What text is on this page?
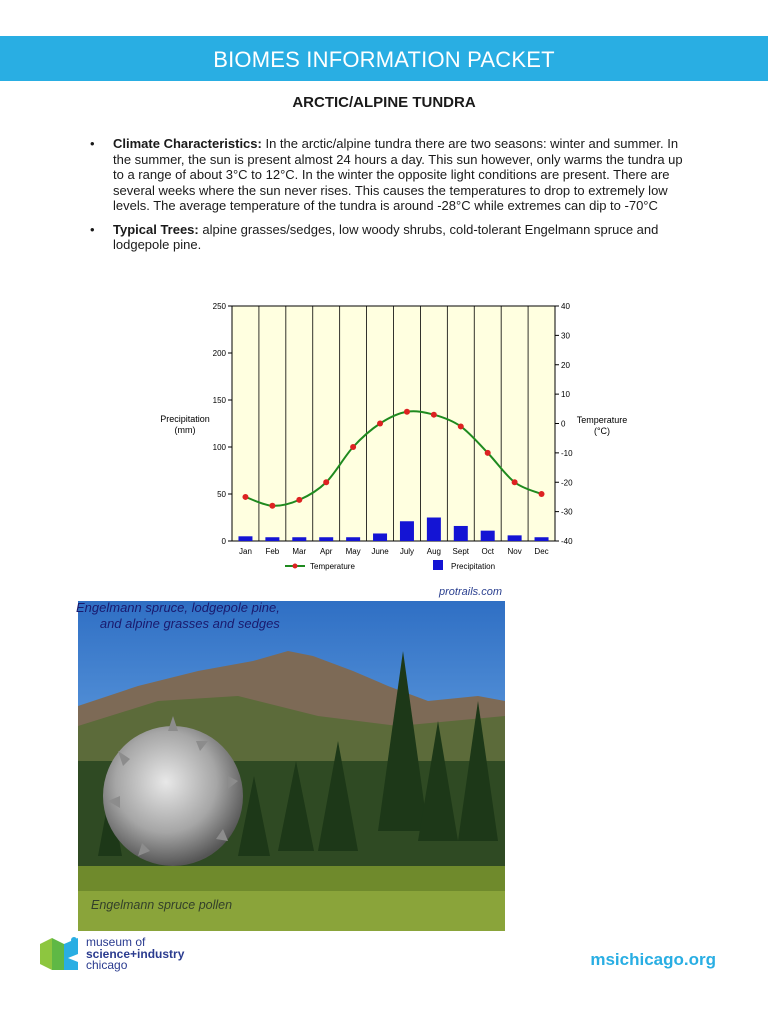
BIOMES INFORMATION PACKET
ARCTIC/ALPINE TUNDRA
• Climate Characteristics: In the arctic/alpine tundra there are two seasons: winter and summer. In the summer, the sun is present almost 24 hours a day. This sun however, only warms the tundra up to a range of about 3°C to 12°C. In the winter the opposite light conditions are present. There are several weeks where the sun never rises. This causes the temperatures to drop to extremely low levels. The average temperature of the tundra is around -28°C while extremes can dip to -70°C
• Typical Trees: alpine grasses/sedges, low woody shrubs, cold-tolerant Engelmann spruce and lodgepole pine.
0
50
100
150
200
250
-40
-30
-20
-10
0
10
20
30
40
Jan Feb Mar Apr May June July Aug Sept Oct Nov Dec
Precipitation
(mm)
Temperature
(°C)
Temperature	Precipitation
protrails.com
Engelmann spruce, lodgepole pine,
and alpine grasses and sedges
Engelmann spruce pollen
museum of
science+industry
chicago	msichicago.org
